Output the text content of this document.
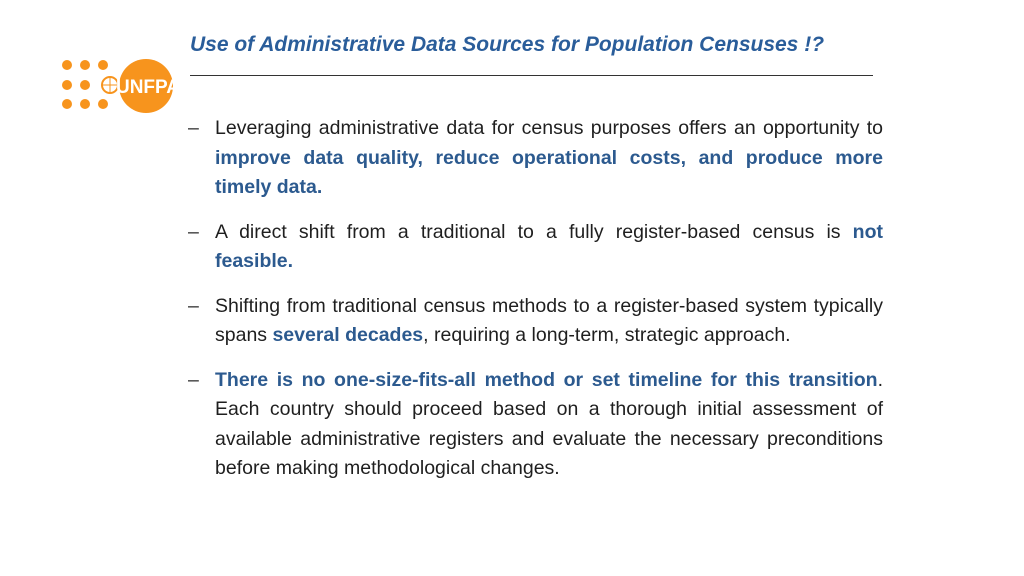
UNFPA
Use of Administrative Data Sources for Population Censuses !?
– Leveraging administrative data for census purposes offers an opportunity to improve data quality, reduce operational costs, and produce more timely data.
– A direct shift from a traditional to a fully register-based census is not feasible.
– Shifting from traditional census methods to a register-based system typically spans several decades, requiring a long-term, strategic approach.
– There is no one-size-fits-all method or set timeline for this transition. Each country should proceed based on a thorough initial assessment of available administrative registers and evaluate the necessary preconditions before making methodological changes.
